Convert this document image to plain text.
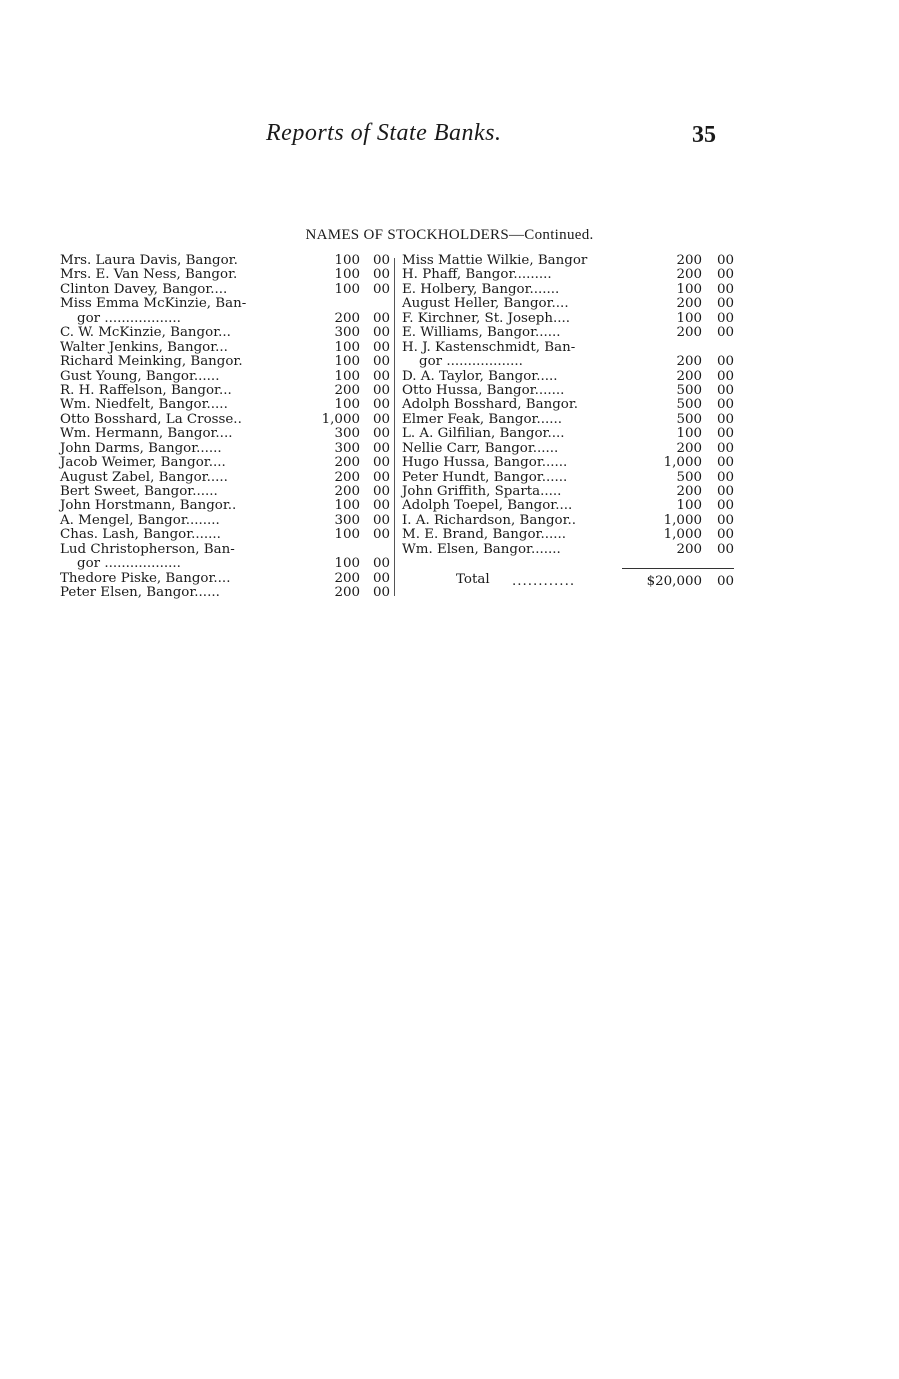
Reports of State Banks.	35
NAMES OF STOCKHOLDERS—Continued.
Mrs. Laura Davis, Bangor.	100 00
Mrs. E. Van Ness, Bangor.	100 00
Clinton Davey, Bangor....	100 00
Miss Emma McKinzie, Ban-
gor ..................	200 00
C. W. McKinzie, Bangor...	300 00
Walter Jenkins, Bangor...	100 00
Richard Meinking, Bangor.	100 00
Gust Young, Bangor......	100 00
R. H. Raffelson, Bangor...	200 00
Wm. Niedfelt, Bangor.....	100 00
Otto Bosshard, La Crosse..	1,000 00
Wm. Hermann, Bangor....	300 00
John Darms, Bangor......	300 00
Jacob Weimer, Bangor....	200 00
August Zabel, Bangor.....	200 00
Bert Sweet, Bangor......	200 00
John Horstmann, Bangor..	100 00
A. Mengel, Bangor........	300 00
Chas. Lash, Bangor.......	100 00
Lud Christopherson, Ban-
gor ..................	100 00
Thedore Piske, Bangor....	200 00
Peter Elsen, Bangor......	200 00
Miss Mattie Wilkie, Bangor	200 00
H. Phaff, Bangor.........	200 00
E. Holbery, Bangor.......	100 00
August Heller, Bangor....	200 00
F. Kirchner, St. Joseph....	100 00
E. Williams, Bangor......	200 00
H. J. Kastenschmidt, Ban-
gor ..................	200 00
D. A. Taylor, Bangor.....	200 00
Otto Hussa, Bangor.......	500 00
Adolph Bosshard, Bangor.	500 00
Elmer Feak, Bangor......	500 00
L. A. Gilfilian, Bangor....	100 00
Nellie Carr, Bangor......	200 00
Hugo Hussa, Bangor......	1,000 00
Peter Hundt, Bangor......	500 00
John Griffith, Sparta.....	200 00
Adolph Toepel, Bangor....	100 00
I. A. Richardson, Bangor..	1,000 00
M. E. Brand, Bangor......	1,000 00
Wm. Elsen, Bangor.......	200 00
Total ............	$20,000 00
